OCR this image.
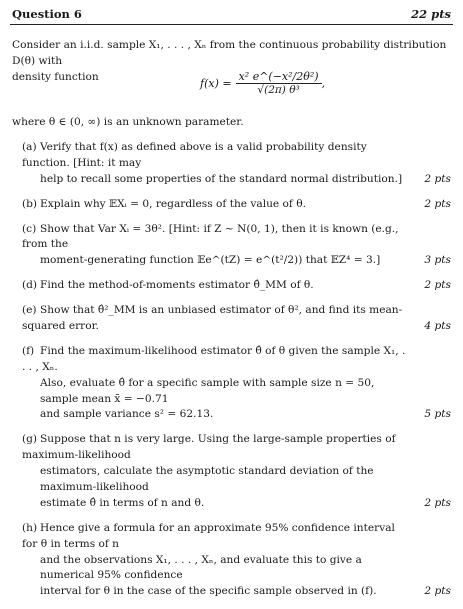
Question 6	22 pts
Consider an i.i.d. sample X₁, . . . , Xₙ from the continuous probability distribution D(θ) with
density function	$f(x) = \frac{\text{x² e\textasciicircum{}(−x²/2θ²)}}{\text{√(2π) θ³}}$ ,
where θ ∈ (0, ∞) is an unknown parameter.
(a) Verify that f(x) as defined above is a valid probability density function. [Hint: it may
help to recall some properties of the standard normal distribution.]	2 pts
(b) Explain why 𝔼Xᵢ = 0, regardless of the value of θ.	2 pts
(c) Show that Var Xᵢ = 3θ². [Hint: if Z ~ N(0, 1), then it is known (e.g., from the
moment-generating function 𝔼e^(tZ) = e^(t²/2)) that 𝔼Z⁴ = 3.]	3 pts
(d) Find the method-of-moments estimator θ̂_MM of θ.	2 pts
(e) Show that θ̂²_MM is an unbiased estimator of θ², and find its mean-squared error.	4 pts
(f) Find the maximum-likelihood estimator θ̂ of θ given the sample X₁, . . . , Xₙ.
Also, evaluate θ̂ for a specific sample with sample size n = 50, sample mean x̄ = −0.71
and sample variance s² = 62.13.	5 pts
(g) Suppose that n is very large. Using the large-sample properties of maximum-likelihood
estimators, calculate the asymptotic standard deviation of the maximum-likelihood
estimate θ̂ in terms of n and θ.	2 pts
(h) Hence give a formula for an approximate 95% confidence interval for θ in terms of n
and the observations X₁, . . . , Xₙ, and evaluate this to give a numerical 95% confidence
interval for θ in the case of the specific sample observed in (f).	2 pts
